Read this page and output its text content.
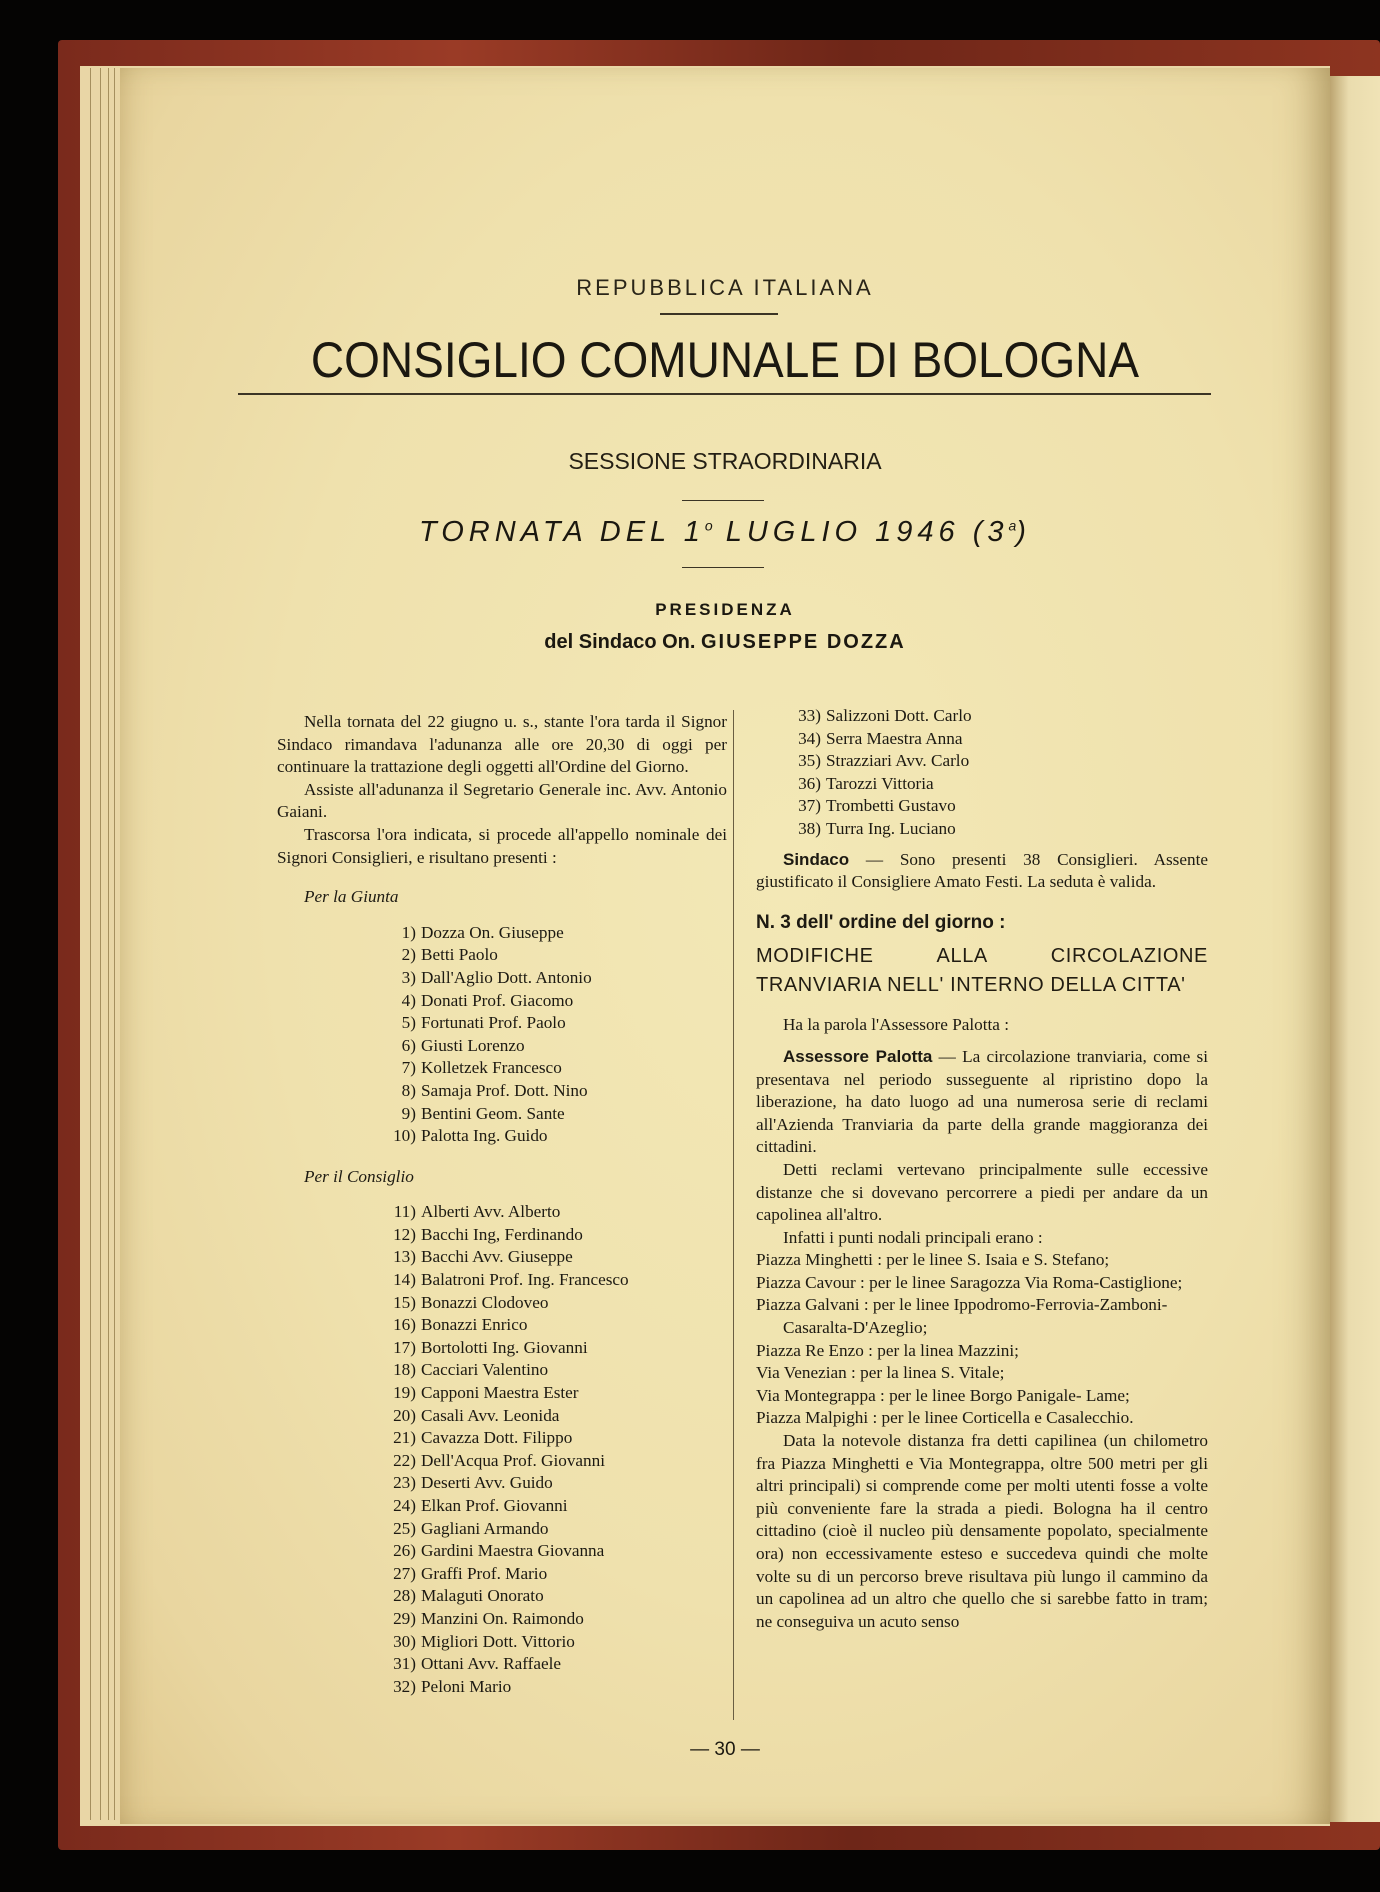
REPUBBLICA ITALIANA
CONSIGLIO COMUNALE DI BOLOGNA
SESSIONE STRAORDINARIA
TORNATA DEL 1$^o$ LUGLIO 1946 (3$^a$)
PRESIDENZA
del Sindaco On. GIUSEPPE DOZZA

Nella tornata del 22 giugno u. s., stante l'ora tarda il Signor Sindaco rimandava l'adunanza alle ore 20,30 di oggi per continuare la trattazione degli oggetti all'Ordine del Giorno.

Assiste all'adunanza il Segretario Generale inc. Avv. Antonio Gaiani.

Trascorsa l'ora indicata, si procede all'appello nominale dei Signori Consiglieri, e risultano presenti :

Per la Giunta
1) Dozza On. Giuseppe
2) Betti Paolo
3) Dall'Aglio Dott. Antonio
4) Donati Prof. Giacomo
5) Fortunati Prof. Paolo
6) Giusti Lorenzo
7) Kolletzek Francesco
8) Samaja Prof. Dott. Nino
9) Bentini Geom. Sante
10) Palotta Ing. Guido
Per il Consiglio
11) Alberti Avv. Alberto
12) Bacchi Ing, Ferdinando
13) Bacchi Avv. Giuseppe
14) Balatroni Prof. Ing. Francesco
15) Bonazzi Clodoveo
16) Bonazzi Enrico
17) Bortolotti Ing. Giovanni
18) Cacciari Valentino
19) Capponi Maestra Ester
20) Casali Avv. Leonida
21) Cavazza Dott. Filippo
22) Dell'Acqua Prof. Giovanni
23) Deserti Avv. Guido
24) Elkan Prof. Giovanni
25) Gagliani Armando
26) Gardini Maestra Giovanna
27) Graffi Prof. Mario
28) Malaguti Onorato
29) Manzini On. Raimondo
30) Migliori Dott. Vittorio
31) Ottani Avv. Raffaele
32) Peloni Mario
33) Salizzoni Dott. Carlo
34) Serra Maestra Anna
35) Strazziari Avv. Carlo
36) Tarozzi Vittoria
37) Trombetti Gustavo
38) Turra Ing. Luciano

Sindaco — Sono presenti 38 Consiglieri. Assente giustificato il Consigliere Amato Festi. La seduta è valida.

N. 3 dell' ordine del giorno :
MODIFICHE ALLA CIRCOLAZIONE TRANVIARIA NELL' INTERNO DELLA CITTA'

Ha la parola l'Assessore Palotta :

Assessore Palotta — La circolazione tranviaria, come si presentava nel periodo susseguente al ripristino dopo la liberazione, ha dato luogo ad una numerosa serie di reclami all'Azienda Tranviaria da parte della grande maggioranza dei cittadini.

Detti reclami vertevano principalmente sulle eccessive distanze che si dovevano percorrere a piedi per andare da un capolinea all'altro.

Infatti i punti nodali principali erano :

Piazza Minghetti : per le linee S. Isaia e S. Stefano;

Piazza Cavour : per le linee Saragozza Via Roma-Castiglione;

Piazza Galvani : per le linee Ippodromo-Ferrovia-Zamboni-Casaralta-D'Azeglio;

Piazza Re Enzo : per la linea Mazzini;

Via Venezian : per la linea S. Vitale;

Via Montegrappa : per le linee Borgo Panigale- Lame;

Piazza Malpighi : per le linee Corticella e Casalecchio.

Data la notevole distanza fra detti capilinea (un chilometro fra Piazza Minghetti e Via Montegrappa, oltre 500 metri per gli altri principali) si comprende come per molti utenti fosse a volte più conveniente fare la strada a piedi. Bologna ha il centro cittadino (cioè il nucleo più densamente popolato, specialmente ora) non eccessivamente esteso e succedeva quindi che molte volte su di un percorso breve risultava più lungo il cammino da un capolinea ad un altro che quello che si sarebbe fatto in tram; ne conseguiva un acuto senso

— 30 —
